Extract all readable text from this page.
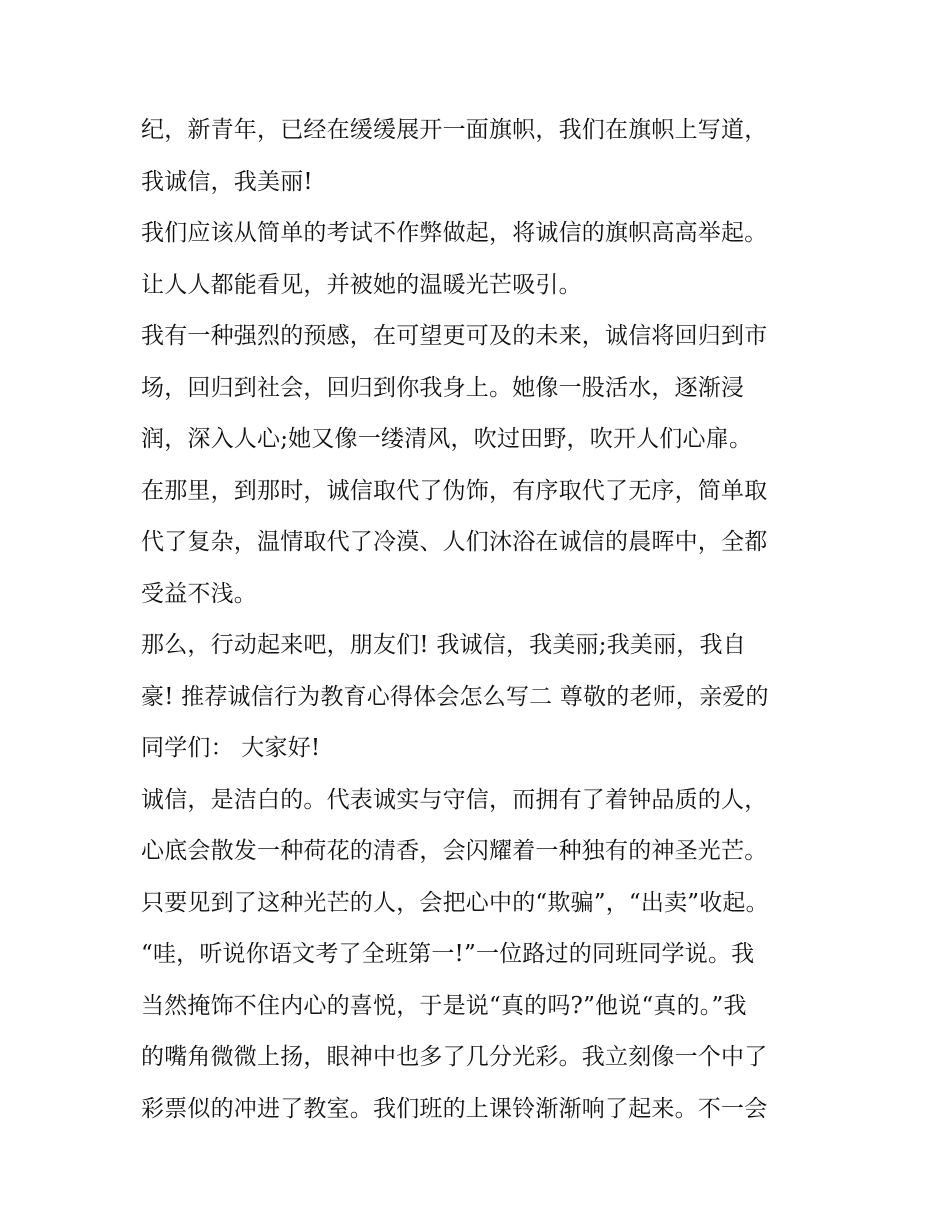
纪，新青年，已经在缓缓展开一面旗帜，我们在旗帜上写道，
我诚信，我美丽!
我们应该从简单的考试不作弊做起，将诚信的旗帜高高举起。
让人人都能看见，并被她的温暖光芒吸引。
我有一种强烈的预感，在可望更可及的未来，诚信将回归到市
场，回归到社会，回归到你我身上。她像一股活水，逐渐浸
润，深入人心;她又像一缕清风，吹过田野，吹开人们心扉。
在那里，到那时，诚信取代了伪饰，有序取代了无序，简单取
代了复杂，温情取代了冷漠、人们沐浴在诚信的晨晖中，全都
受益不浅。
那么，行动起来吧，朋友们! 我诚信，我美丽;我美丽，我自
豪! 推荐诚信行为教育心得体会怎么写二 尊敬的老师，亲爱的
同学们： 大家好!
诚信，是洁白的。代表诚实与守信，而拥有了着钟品质的人，
心底会散发一种荷花的清香，会闪耀着一种独有的神圣光芒。
只要见到了这种光芒的人，会把心中的“欺骗”，“出卖”收起。
“哇，听说你语文考了全班第一!”一位路过的同班同学说。我
当然掩饰不住内心的喜悦，于是说“真的吗?”他说“真的。”我
的嘴角微微上扬，眼神中也多了几分光彩。我立刻像一个中了
彩票似的冲进了教室。我们班的上课铃渐渐响了起来。不一会
